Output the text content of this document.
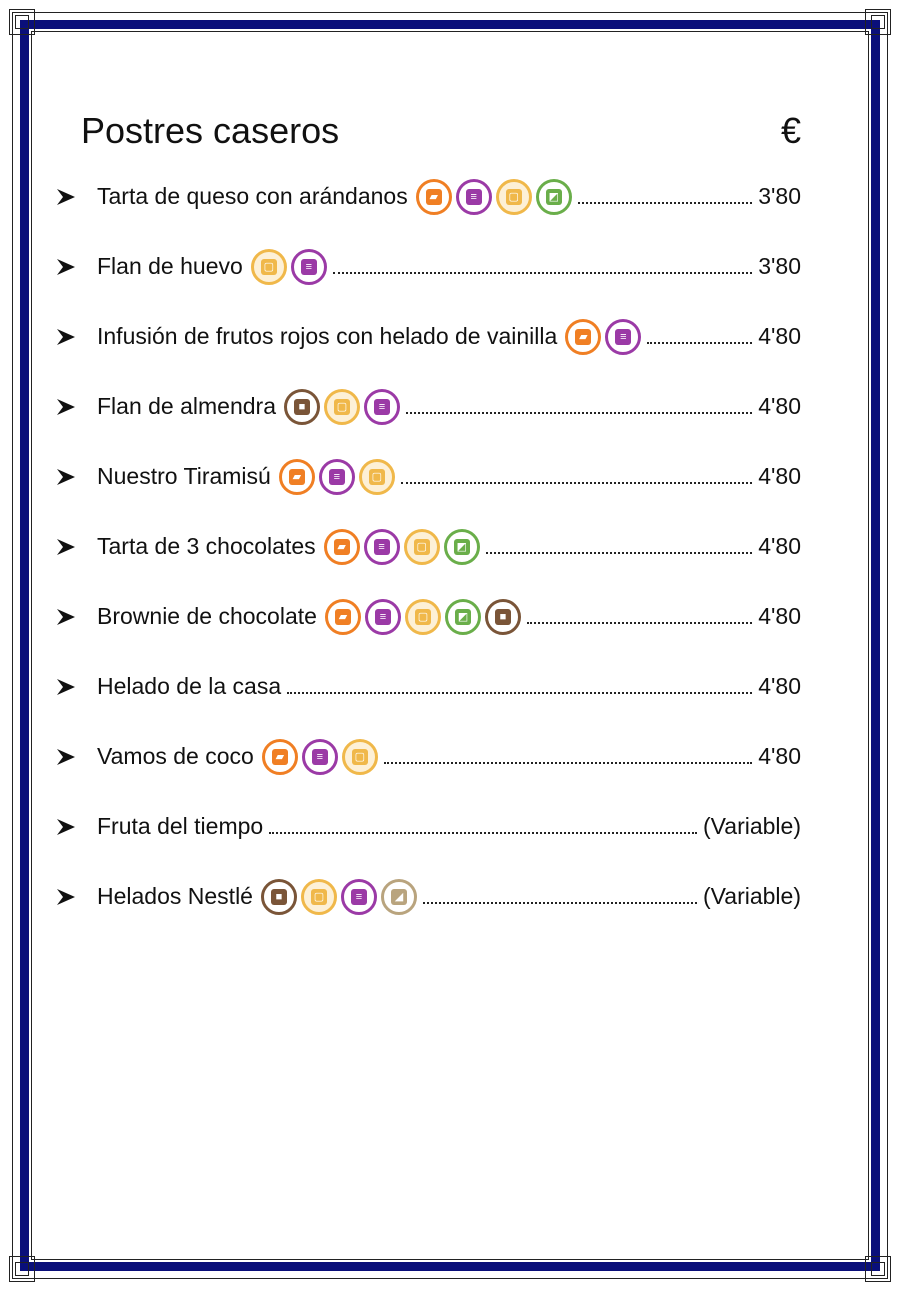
Postres caseros	€
Tarta de queso con arándanos	▰	≡	▢	◩	3'80
Flan de huevo ▢	≡	3'80
Infusión de frutos rojos con helado de vainilla	▰	≡	4'80
Flan de almendra	■	▢	≡	4'80
Nuestro Tiramisú	▰	≡	▢	4'80
Tarta de 3 chocolates	▰	≡	▢	◩	4'80
Brownie de chocolate	▰	≡	▢	◩	■	4'80
Helado de la casa	4'80
Vamos de coco	▰	≡	▢	4'80
Fruta del tiempo	(Variable)
Helados Nestlé	■	▢	≡	◢	(Variable)
